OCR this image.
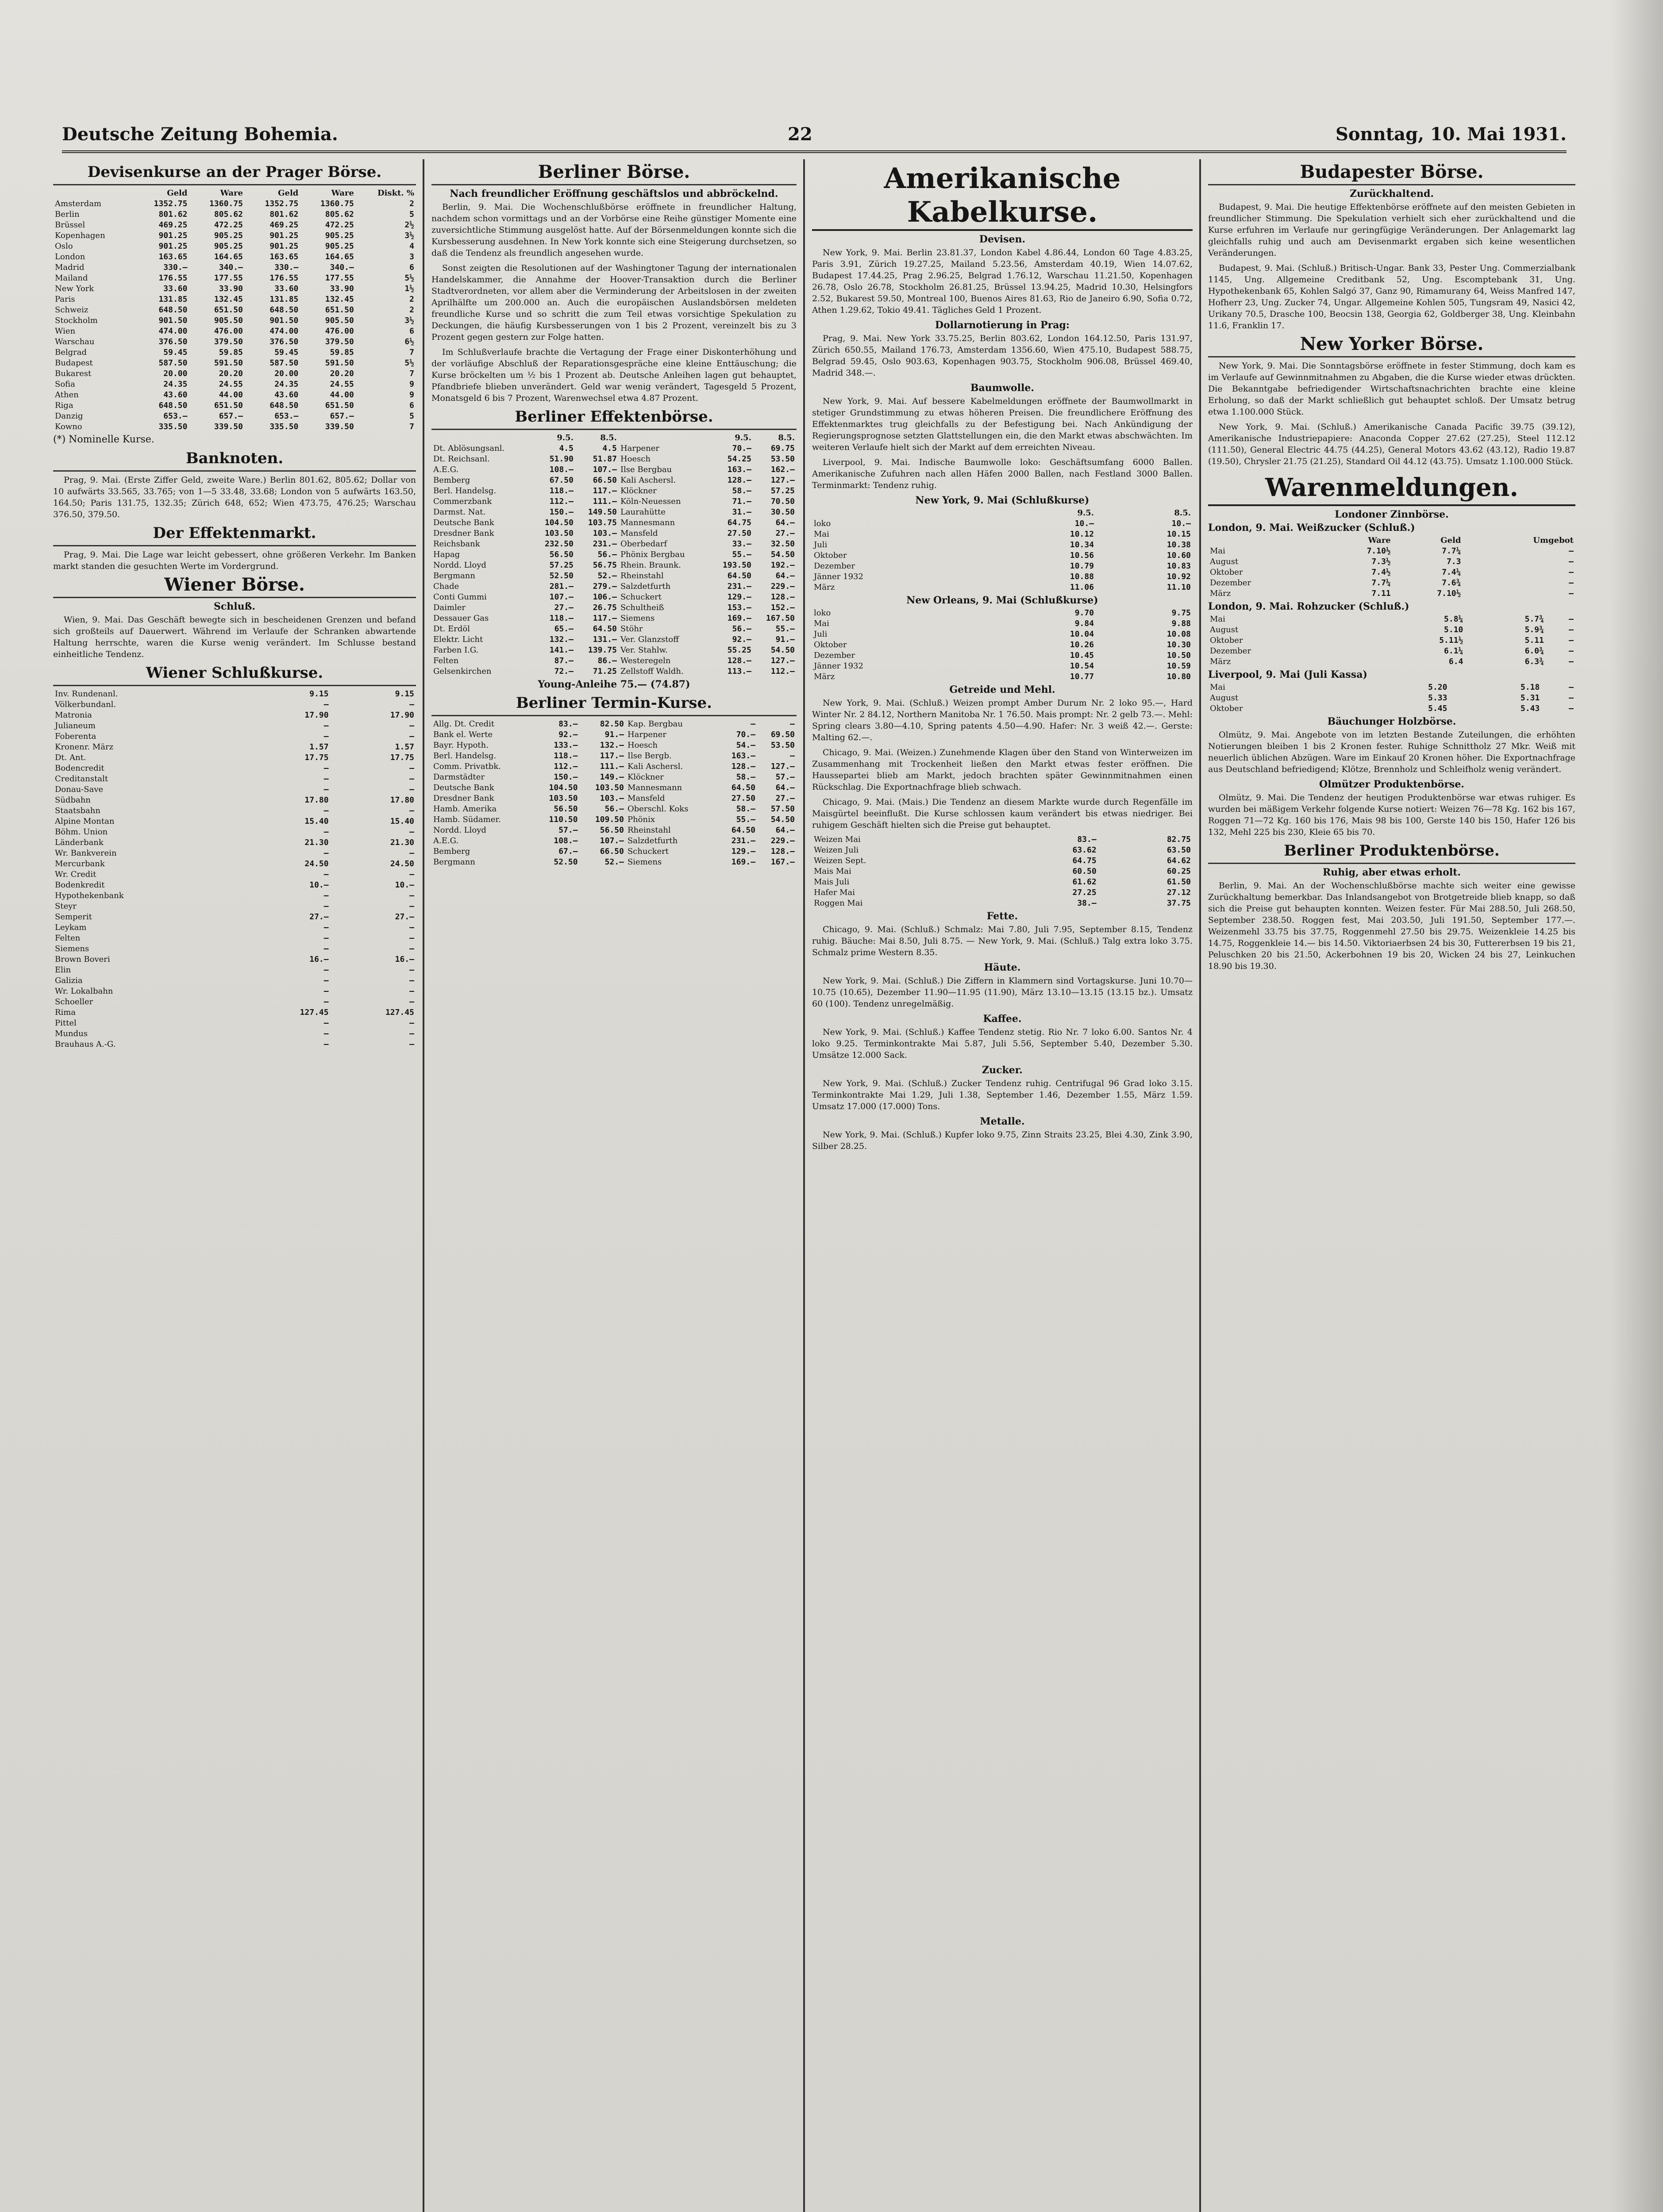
Deutsche Zeitung Bohemia.	22	Sonntag, 10. Mai 1931.
Devisenkurse an der Prager Börse.
	Geld	Ware	Geld	Ware	Diskt. %
Amsterdam	1352.75	1360.75	1352.75	1360.75	2
Berlin	801.62	805.62	801.62	805.62	5
Brüssel	469.25	472.25	469.25	472.25	2½
Kopenhagen	901.25	905.25	901.25	905.25	3½
Oslo	901.25	905.25	901.25	905.25	4
London	163.65	164.65	163.65	164.65	3
Madrid	330.—	340.—	330.—	340.—	6
Mailand	176.55	177.55	176.55	177.55	5½
New York	33.60	33.90	33.60	33.90	1½
Paris	131.85	132.45	131.85	132.45	2
Schweiz	648.50	651.50	648.50	651.50	2
Stockholm	901.50	905.50	901.50	905.50	3½
Wien	474.00	476.00	474.00	476.00	6
Warschau	376.50	379.50	376.50	379.50	6½
Belgrad	59.45	59.85	59.45	59.85	7
Budapest	587.50	591.50	587.50	591.50	5½
Bukarest	20.00	20.20	20.00	20.20	7
Sofia	24.35	24.55	24.35	24.55	9
Athen	43.60	44.00	43.60	44.00	9
Riga	648.50	651.50	648.50	651.50	6
Danzig	653.—	657.—	653.—	657.—	5
Kowno	335.50	339.50	335.50	339.50	7
(*) Nominelle Kurse.
Banknoten.

Prag, 9. Mai. (Erste Ziffer Geld, zweite Ware.) Berlin 801.62, 805.62; Dollar von 10 aufwärts 33.565, 33.765; von 1—5 33.48, 33.68; London von 5 aufwärts 163.50, 164.50; Paris 131.75, 132.35; Zürich 648, 652; Wien 473.75, 476.25; Warschau 376.50, 379.50.

Der Effektenmarkt.

Prag, 9. Mai. Die Lage war leicht gebessert, ohne größeren Verkehr. Im Banken markt standen die gesuchten Werte im Vordergrund.

Wiener Börse.
Schluß.

Wien, 9. Mai. Das Geschäft bewegte sich in bescheidenen Grenzen und befand sich großteils auf Dauerwert. Während im Verlaufe der Schranken abwartende Haltung herrschte, waren die Kurse wenig verändert. Im Schlusse bestand einheitliche Tendenz.

Wiener Schlußkurse.
Inv. Rundenanl.	9.15	9.15
Völkerbundanl.	—	—
Matronia	17.90	17.90
Julianeum	—	—
Foberenta	—	—
Kronenr. März	1.57	1.57
Dt. Ant.	17.75	17.75
Bodencredit	—	—
Creditanstalt	—	—
Donau-Save	—	—
Südbahn	17.80	17.80
Staatsbahn	—	—
Alpine Montan	15.40	15.40
Böhm. Union	—	—
Länderbank	21.30	21.30
Wr. Bankverein	—	—
Mercurbank	24.50	24.50
Wr. Credit	—	—
Bodenkredit	10.—	10.—
Hypothekenbank	—	—
Steyr	—	—
Semperit	27.—	27.—
Leykam	—	—
Felten	—	—
Siemens	—	—
Brown Boveri	16.—	16.—
Elin	—	—
Galizia	—	—
Wr. Lokalbahn	—	—
Schoeller	—	—
Rima	127.45	127.45
Pittel	—	—
Mundus	—	—
Brauhaus A.-G.	—	—
Berliner Börse.
Nach freundlicher Eröffnung geschäftslos und abbröckelnd.

Berlin, 9. Mai. Die Wochenschlußbörse eröffnete in freundlicher Haltung, nachdem schon vormittags und an der Vorbörse eine Reihe günstiger Momente eine zuversichtliche Stimmung ausgelöst hatte. Auf der Börsenmeldungen konnte sich die Kursbesserung ausdehnen. In New York konnte sich eine Steigerung durchsetzen, so daß die Tendenz als freundlich angesehen wurde.

Sonst zeigten die Resolutionen auf der Washingtoner Tagung der internationalen Handelskammer, die Annahme der Hoover-Transaktion durch die Berliner Stadtverordneten, vor allem aber die Verminderung der Arbeitslosen in der zweiten Aprilhälfte um 200.000 an. Auch die europäischen Auslandsbörsen meldeten freundliche Kurse und so schritt die zum Teil etwas vorsichtige Spekulation zu Deckungen, die häufig Kursbesserungen von 1 bis 2 Prozent, vereinzelt bis zu 3 Prozent gegen gestern zur Folge hatten.

Im Schlußverlaufe brachte die Vertagung der Frage einer Diskonterhöhung und der vorläufige Abschluß der Reparationsgespräche eine kleine Enttäuschung; die Kurse bröckelten um ½ bis 1 Prozent ab. Deutsche Anleihen lagen gut behauptet, Pfandbriefe blieben unverändert. Geld war wenig verändert, Tagesgeld 5 Prozent, Monatsgeld 6 bis 7 Prozent, Warenwechsel etwa 4.87 Prozent.

Berliner Effektenbörse.
	9.5.	8.5.		9.5.	8.5.
Dt. Ablösungsanl.	4.5	4.5	Harpener	70.—	69.75
Dt. Reichsanl.	51.90	51.87	Hoesch	54.25	53.50
A.E.G.	108.—	107.—	Ilse Bergbau	163.—	162.—
Bemberg	67.50	66.50	Kali Aschersl.	128.—	127.—
Berl. Handelsg.	118.—	117.—	Klöckner	58.—	57.25
Commerzbank	112.—	111.—	Köln-Neuessen	71.—	70.50
Darmst. Nat.	150.—	149.50	Laurahütte	31.—	30.50
Deutsche Bank	104.50	103.75	Mannesmann	64.75	64.—
Dresdner Bank	103.50	103.—	Mansfeld	27.50	27.—
Reichsbank	232.50	231.—	Oberbedarf	33.—	32.50
Hapag	56.50	56.—	Phönix Bergbau	55.—	54.50
Nordd. Lloyd	57.25	56.75	Rhein. Braunk.	193.50	192.—
Bergmann	52.50	52.—	Rheinstahl	64.50	64.—
Chade	281.—	279.—	Salzdetfurth	231.—	229.—
Conti Gummi	107.—	106.—	Schuckert	129.—	128.—
Daimler	27.—	26.75	Schultheiß	153.—	152.—
Dessauer Gas	118.—	117.—	Siemens	169.—	167.50
Dt. Erdöl	65.—	64.50	Stöhr	56.—	55.—
Elektr. Licht	132.—	131.—	Ver. Glanzstoff	92.—	91.—
Farben I.G.	141.—	139.75	Ver. Stahlw.	55.25	54.50
Felten	87.—	86.—	Westeregeln	128.—	127.—
Gelsenkirchen	72.—	71.25	Zellstoff Waldh.	113.—	112.—
Young-Anleihe 75.— (74.87)
Berliner Termin-Kurse.
Allg. Dt. Credit	83.—	82.50	Kap. Bergbau	—	—
Bank el. Werte	92.—	91.—	Harpener	70.—	69.50
Bayr. Hypoth.	133.—	132.—	Hoesch	54.—	53.50
Berl. Handelsg.	118.—	117.—	Ilse Bergb.	163.—	—
Comm. Privatbk.	112.—	111.—	Kali Aschersl.	128.—	127.—
Darmstädter	150.—	149.—	Klöckner	58.—	57.—
Deutsche Bank	104.50	103.50	Mannesmann	64.50	64.—
Dresdner Bank	103.50	103.—	Mansfeld	27.50	27.—
Hamb. Amerika	56.50	56.—	Oberschl. Koks	58.—	57.50
Hamb. Südamer.	110.50	109.50	Phönix	55.—	54.50
Nordd. Lloyd	57.—	56.50	Rheinstahl	64.50	64.—
A.E.G.	108.—	107.—	Salzdetfurth	231.—	229.—
Bemberg	67.—	66.50	Schuckert	129.—	128.—
Bergmann	52.50	52.—	Siemens	169.—	167.—
Amerikanische Kabelkurse.
Devisen.

New York, 9. Mai. Berlin 23.81.37, London Kabel 4.86.44, London 60 Tage 4.83.25, Paris 3.91, Zürich 19.27.25, Mailand 5.23.56, Amsterdam 40.19, Wien 14.07.62, Budapest 17.44.25, Prag 2.96.25, Belgrad 1.76.12, Warschau 11.21.50, Kopenhagen 26.78, Oslo 26.78, Stockholm 26.81.25, Brüssel 13.94.25, Madrid 10.30, Helsingfors 2.52, Bukarest 59.50, Montreal 100, Buenos Aires 81.63, Rio de Janeiro 6.90, Sofia 0.72, Athen 1.29.62, Tokio 49.41. Tägliches Geld 1 Prozent.

Dollarnotierung in Prag:

Prag, 9. Mai. New York 33.75.25, Berlin 803.62, London 164.12.50, Paris 131.97, Zürich 650.55, Mailand 176.73, Amsterdam 1356.60, Wien 475.10, Budapest 588.75, Belgrad 59.45, Oslo 903.63, Kopenhagen 903.75, Stockholm 906.08, Brüssel 469.40, Madrid 348.—.

Baumwolle.

New York, 9. Mai. Auf bessere Kabelmeldungen eröffnete der Baumwollmarkt in stetiger Grundstimmung zu etwas höheren Preisen. Die freundlichere Eröffnung des Effektenmarktes trug gleichfalls zu der Befestigung bei. Nach Ankündigung der Regierungsprognose setzten Glattstellungen ein, die den Markt etwas abschwächten. Im weiteren Verlaufe hielt sich der Markt auf dem erreichten Niveau.

Liverpool, 9. Mai. Indische Baumwolle loko: Geschäftsumfang 6000 Ballen. Amerikanische Zufuhren nach allen Häfen 2000 Ballen, nach Festland 3000 Ballen. Terminmarkt: Tendenz ruhig.

New York, 9. Mai (Schlußkurse)
	9.5.	8.5.
loko	10.—	10.—
Mai	10.12	10.15
Juli	10.34	10.38
Oktober	10.56	10.60
Dezember	10.79	10.83
Jänner 1932	10.88	10.92
März	11.06	11.10
New Orleans, 9. Mai (Schlußkurse)
loko	9.70	9.75
Mai	9.84	9.88
Juli	10.04	10.08
Oktober	10.26	10.30
Dezember	10.45	10.50
Jänner 1932	10.54	10.59
März	10.77	10.80
Getreide und Mehl.

New York, 9. Mai. (Schluß.) Weizen prompt Amber Durum Nr. 2 loko 95.—, Hard Winter Nr. 2 84.12, Northern Manitoba Nr. 1 76.50. Mais prompt: Nr. 2 gelb 73.—. Mehl: Spring clears 3.80—4.10, Spring patents 4.50—4.90. Hafer: Nr. 3 weiß 42.—. Gerste: Malting 62.—.

Chicago, 9. Mai. (Weizen.) Zunehmende Klagen über den Stand von Winterweizen im Zusammenhang mit Trockenheit ließen den Markt etwas fester eröffnen. Die Haussepartei blieb am Markt, jedoch brachten später Gewinnmitnahmen einen Rückschlag. Die Exportnachfrage blieb schwach.

Chicago, 9. Mai. (Mais.) Die Tendenz an diesem Markte wurde durch Regenfälle im Maisgürtel beeinflußt. Die Kurse schlossen kaum verändert bis etwas niedriger. Bei ruhigem Geschäft hielten sich die Preise gut behauptet.

Weizen Mai	83.—	82.75
Weizen Juli	63.62	63.50
Weizen Sept.	64.75	64.62
Mais Mai	60.50	60.25
Mais Juli	61.62	61.50
Hafer Mai	27.25	27.12
Roggen Mai	38.—	37.75
Fette.

Chicago, 9. Mai. (Schluß.) Schmalz: Mai 7.80, Juli 7.95, September 8.15, Tendenz ruhig. Bäuche: Mai 8.50, Juli 8.75. — New York, 9. Mai. (Schluß.) Talg extra loko 3.75. Schmalz prime Western 8.35.

Häute.

New York, 9. Mai. (Schluß.) Die Ziffern in Klammern sind Vortagskurse. Juni 10.70—10.75 (10.65), Dezember 11.90—11.95 (11.90), März 13.10—13.15 (13.15 bz.). Umsatz 60 (100). Tendenz unregelmäßig.

Kaffee.

New York, 9. Mai. (Schluß.) Kaffee Tendenz stetig. Rio Nr. 7 loko 6.00. Santos Nr. 4 loko 9.25. Terminkontrakte Mai 5.87, Juli 5.56, September 5.40, Dezember 5.30. Umsätze 12.000 Sack.

Zucker.

New York, 9. Mai. (Schluß.) Zucker Tendenz ruhig. Centrifugal 96 Grad loko 3.15. Terminkontrakte Mai 1.29, Juli 1.38, September 1.46, Dezember 1.55, März 1.59. Umsatz 17.000 (17.000) Tons.

Metalle.

New York, 9. Mai. (Schluß.) Kupfer loko 9.75, Zinn Straits 23.25, Blei 4.30, Zink 3.90, Silber 28.25.

Budapester Börse.
Zurückhaltend.

Budapest, 9. Mai. Die heutige Effektenbörse eröffnete auf den meisten Gebieten in freundlicher Stimmung. Die Spekulation verhielt sich eher zurückhaltend und die Kurse erfuhren im Verlaufe nur geringfügige Veränderungen. Der Anlagemarkt lag gleichfalls ruhig und auch am Devisenmarkt ergaben sich keine wesentlichen Veränderungen.

Budapest, 9. Mai. (Schluß.) Britisch-Ungar. Bank 33, Pester Ung. Commerzialbank 1145, Ung. Allgemeine Creditbank 52, Ung. Escomptebank 31, Ung. Hypothekenbank 65, Kohlen Salgó 37, Ganz 90, Rimamurany 64, Weiss Manfred 147, Hofherr 23, Ung. Zucker 74, Ungar. Allgemeine Kohlen 505, Tungsram 49, Nasici 42, Urikany 70.5, Drasche 100, Beocsin 138, Georgia 62, Goldberger 38, Ung. Kleinbahn 11.6, Franklin 17.

New Yorker Börse.

New York, 9. Mai. Die Sonntagsbörse eröffnete in fester Stimmung, doch kam es im Verlaufe auf Gewinnmitnahmen zu Abgaben, die die Kurse wieder etwas drückten. Die Bekanntgabe befriedigender Wirtschaftsnachrichten brachte eine kleine Erholung, so daß der Markt schließlich gut behauptet schloß. Der Umsatz betrug etwa 1.100.000 Stück.

New York, 9. Mai. (Schluß.) Amerikanische Canada Pacific 39.75 (39.12), Amerikanische Industriepapiere: Anaconda Copper 27.62 (27.25), Steel 112.12 (111.50), General Electric 44.75 (44.25), General Motors 43.62 (43.12), Radio 19.87 (19.50), Chrysler 21.75 (21.25), Standard Oil 44.12 (43.75). Umsatz 1.100.000 Stück.

Warenmeldungen.
Londoner Zinnbörse.
London, 9. Mai. Weißzucker (Schluß.)
	Ware	Geld	Umgebot
Mai	7.10½	7.7¼	—
August	7.3½	7.3	—
Oktober	7.4½	7.4¼	—
Dezember	7.7¼	7.6¾	—
März	7.11	7.10½	—
London, 9. Mai. Rohzucker (Schluß.)
Mai	5.8¼	5.7¾	—
August	5.10	5.9¾	—
Oktober	5.11½	5.11	—
Dezember	6.1¼	6.0¾	—
März	6.4	6.3¾	—
Liverpool, 9. Mai (Juli Kassa)
Mai	5.20	5.18	—
August	5.33	5.31	—
Oktober	5.45	5.43	—
Bäuchunger Holzbörse.

Olmütz, 9. Mai. Angebote von im letzten Bestande Zuteilungen, die erhöhten Notierungen bleiben 1 bis 2 Kronen fester. Ruhige Schnittholz 27 Mkr. Weiß mit neuerlich üblichen Abzügen. Ware im Einkauf 20 Kronen höher. Die Exportnachfrage aus Deutschland befriedigend; Klötze, Brennholz und Schleifholz wenig verändert.

Olmützer Produktenbörse.

Olmütz, 9. Mai. Die Tendenz der heutigen Produktenbörse war etwas ruhiger. Es wurden bei mäßigem Verkehr folgende Kurse notiert: Weizen 76—78 Kg. 162 bis 167, Roggen 71—72 Kg. 160 bis 176, Mais 98 bis 100, Gerste 140 bis 150, Hafer 126 bis 132, Mehl 225 bis 230, Kleie 65 bis 70.

Berliner Produktenbörse.
Ruhig, aber etwas erholt.

Berlin, 9. Mai. An der Wochenschlußbörse machte sich weiter eine gewisse Zurückhaltung bemerkbar. Das Inlandsangebot von Brotgetreide blieb knapp, so daß sich die Preise gut behaupten konnten. Weizen fester. Für Mai 288.50, Juli 268.50, September 238.50. Roggen fest, Mai 203.50, Juli 191.50, September 177.—. Weizenmehl 33.75 bis 37.75, Roggenmehl 27.50 bis 29.75. Weizenkleie 14.25 bis 14.75, Roggenkleie 14.— bis 14.50. Viktoriaerbsen 24 bis 30, Futtererbsen 19 bis 21, Peluschken 20 bis 21.50, Ackerbohnen 19 bis 20, Wicken 24 bis 27, Leinkuchen 18.90 bis 19.30.
